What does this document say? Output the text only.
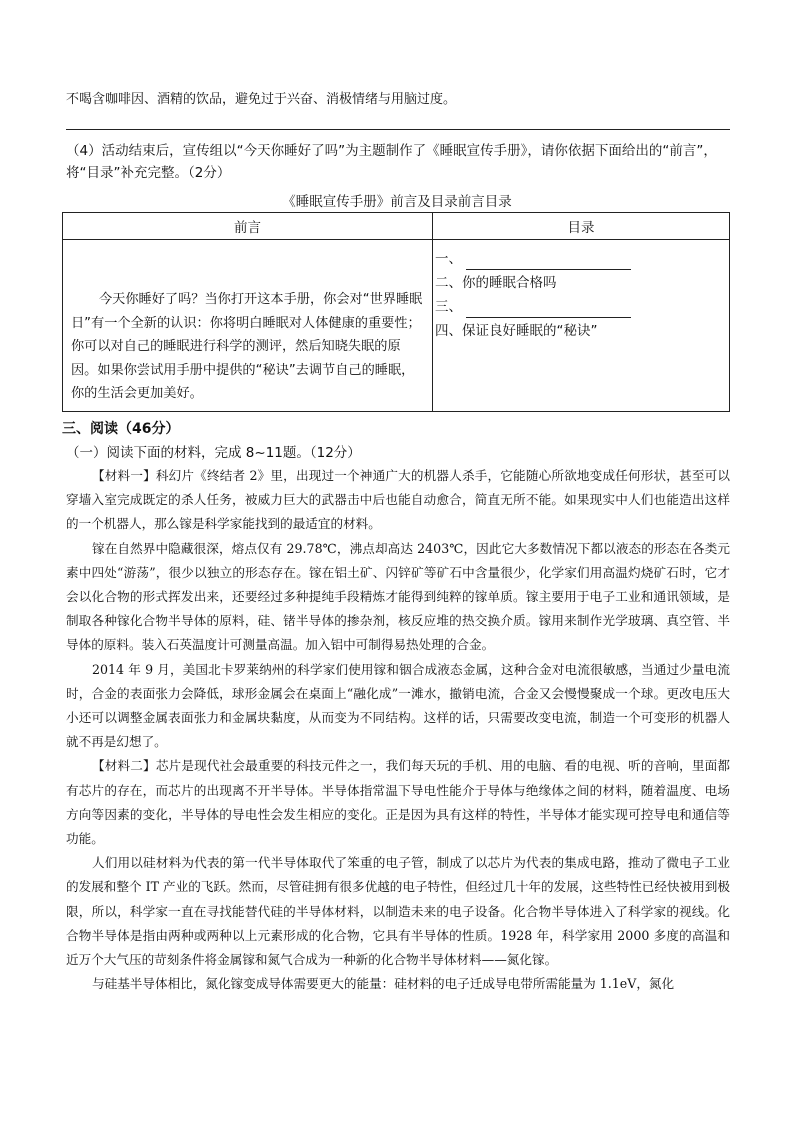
不喝含咖啡因、酒精的饮品，避免过于兴奋、消极情绪与用脑过度。
（4）活动结束后，宣传组以“今天你睡好了吗”为主题制作了《睡眠宣传手册》，请你依据下面给出的“前言”，将“目录”补充完整。（2分）
《睡眠宣传手册》前言及目录前言目录
前言	目录

今天你睡好了吗？当你打开这本手册，你会对“世界睡眠日”有一个全新的认识：你将明白睡眠对人体健康的重要性；你可以对自己的睡眠进行科学的测评，然后知晓失眠的原因。如果你尝试用手册中提供的“秘诀”去调节自己的睡眠，你的生活会更加美好。	一、
二、你的睡眠合格吗
三、
四、保证良好睡眠的“秘诀”
三、阅读（46分）
（一）阅读下面的材料，完成 8~11题。（12分）

【材料一】科幻片《终结者 2》里，出现过一个神通广大的机器人杀手，它能随心所欲地变成任何形状，甚至可以穿墙入室完成既定的杀人任务，被威力巨大的武器击中后也能自动愈合，简直无所不能。如果现实中人们也能造出这样的一个机器人，那么镓是科学家能找到的最适宜的材料。

镓在自然界中隐藏很深，熔点仅有 29.78℃，沸点却高达 2403℃，因此它大多数情况下都以液态的形态在各类元素中四处“游荡”，很少以独立的形态存在。镓在铝土矿、闪锌矿等矿石中含量很少，化学家们用高温灼烧矿石时，它才会以化合物的形式挥发出来，还要经过多种提纯手段精炼才能得到纯粹的镓单质。镓主要用于电子工业和通讯领域，是制取各种镓化合物半导体的原料，硅、锗半导体的掺杂剂，核反应堆的热交换介质。镓用来制作光学玻璃、真空管、半导体的原料。装入石英温度计可测量高温。加入铝中可制得易热处理的合金。

2014 年 9 月，美国北卡罗莱纳州的科学家们使用镓和铟合成液态金属，这种合金对电流很敏感，当通过少量电流时，合金的表面张力会降低，球形金属会在桌面上“融化成”一滩水，撤销电流，合金又会慢慢聚成一个球。更改电压大小还可以调整金属表面张力和金属块黏度，从而变为不同结构。这样的话，只需要改变电流，制造一个可变形的机器人就不再是幻想了。

【材料二】芯片是现代社会最重要的科技元件之一，我们每天玩的手机、用的电脑、看的电视、听的音响，里面都有芯片的存在，而芯片的出现离不开半导体。半导体指常温下导电性能介于导体与绝缘体之间的材料，随着温度、电场方向等因素的变化，半导体的导电性会发生相应的变化。正是因为具有这样的特性，半导体才能实现可控导电和通信等功能。

人们用以硅材料为代表的第一代半导体取代了笨重的电子管，制成了以芯片为代表的集成电路，推动了微电子工业的发展和整个 IT 产业的飞跃。然而，尽管硅拥有很多优越的电子特性，但经过几十年的发展，这些特性已经快被用到极限，所以，科学家一直在寻找能替代硅的半导体材料，以制造未来的电子设备。化合物半导体进入了科学家的视线。化合物半导体是指由两种或两种以上元素形成的化合物，它具有半导体的性质。1928 年，科学家用 2000 多度的高温和近万个大气压的苛刻条件将金属镓和氮气合成为一种新的化合物半导体材料——氮化镓。

与硅基半导体相比，氮化镓变成导体需要更大的能量：硅材料的电子迁成导电带所需能量为 1.1eV，氮化
